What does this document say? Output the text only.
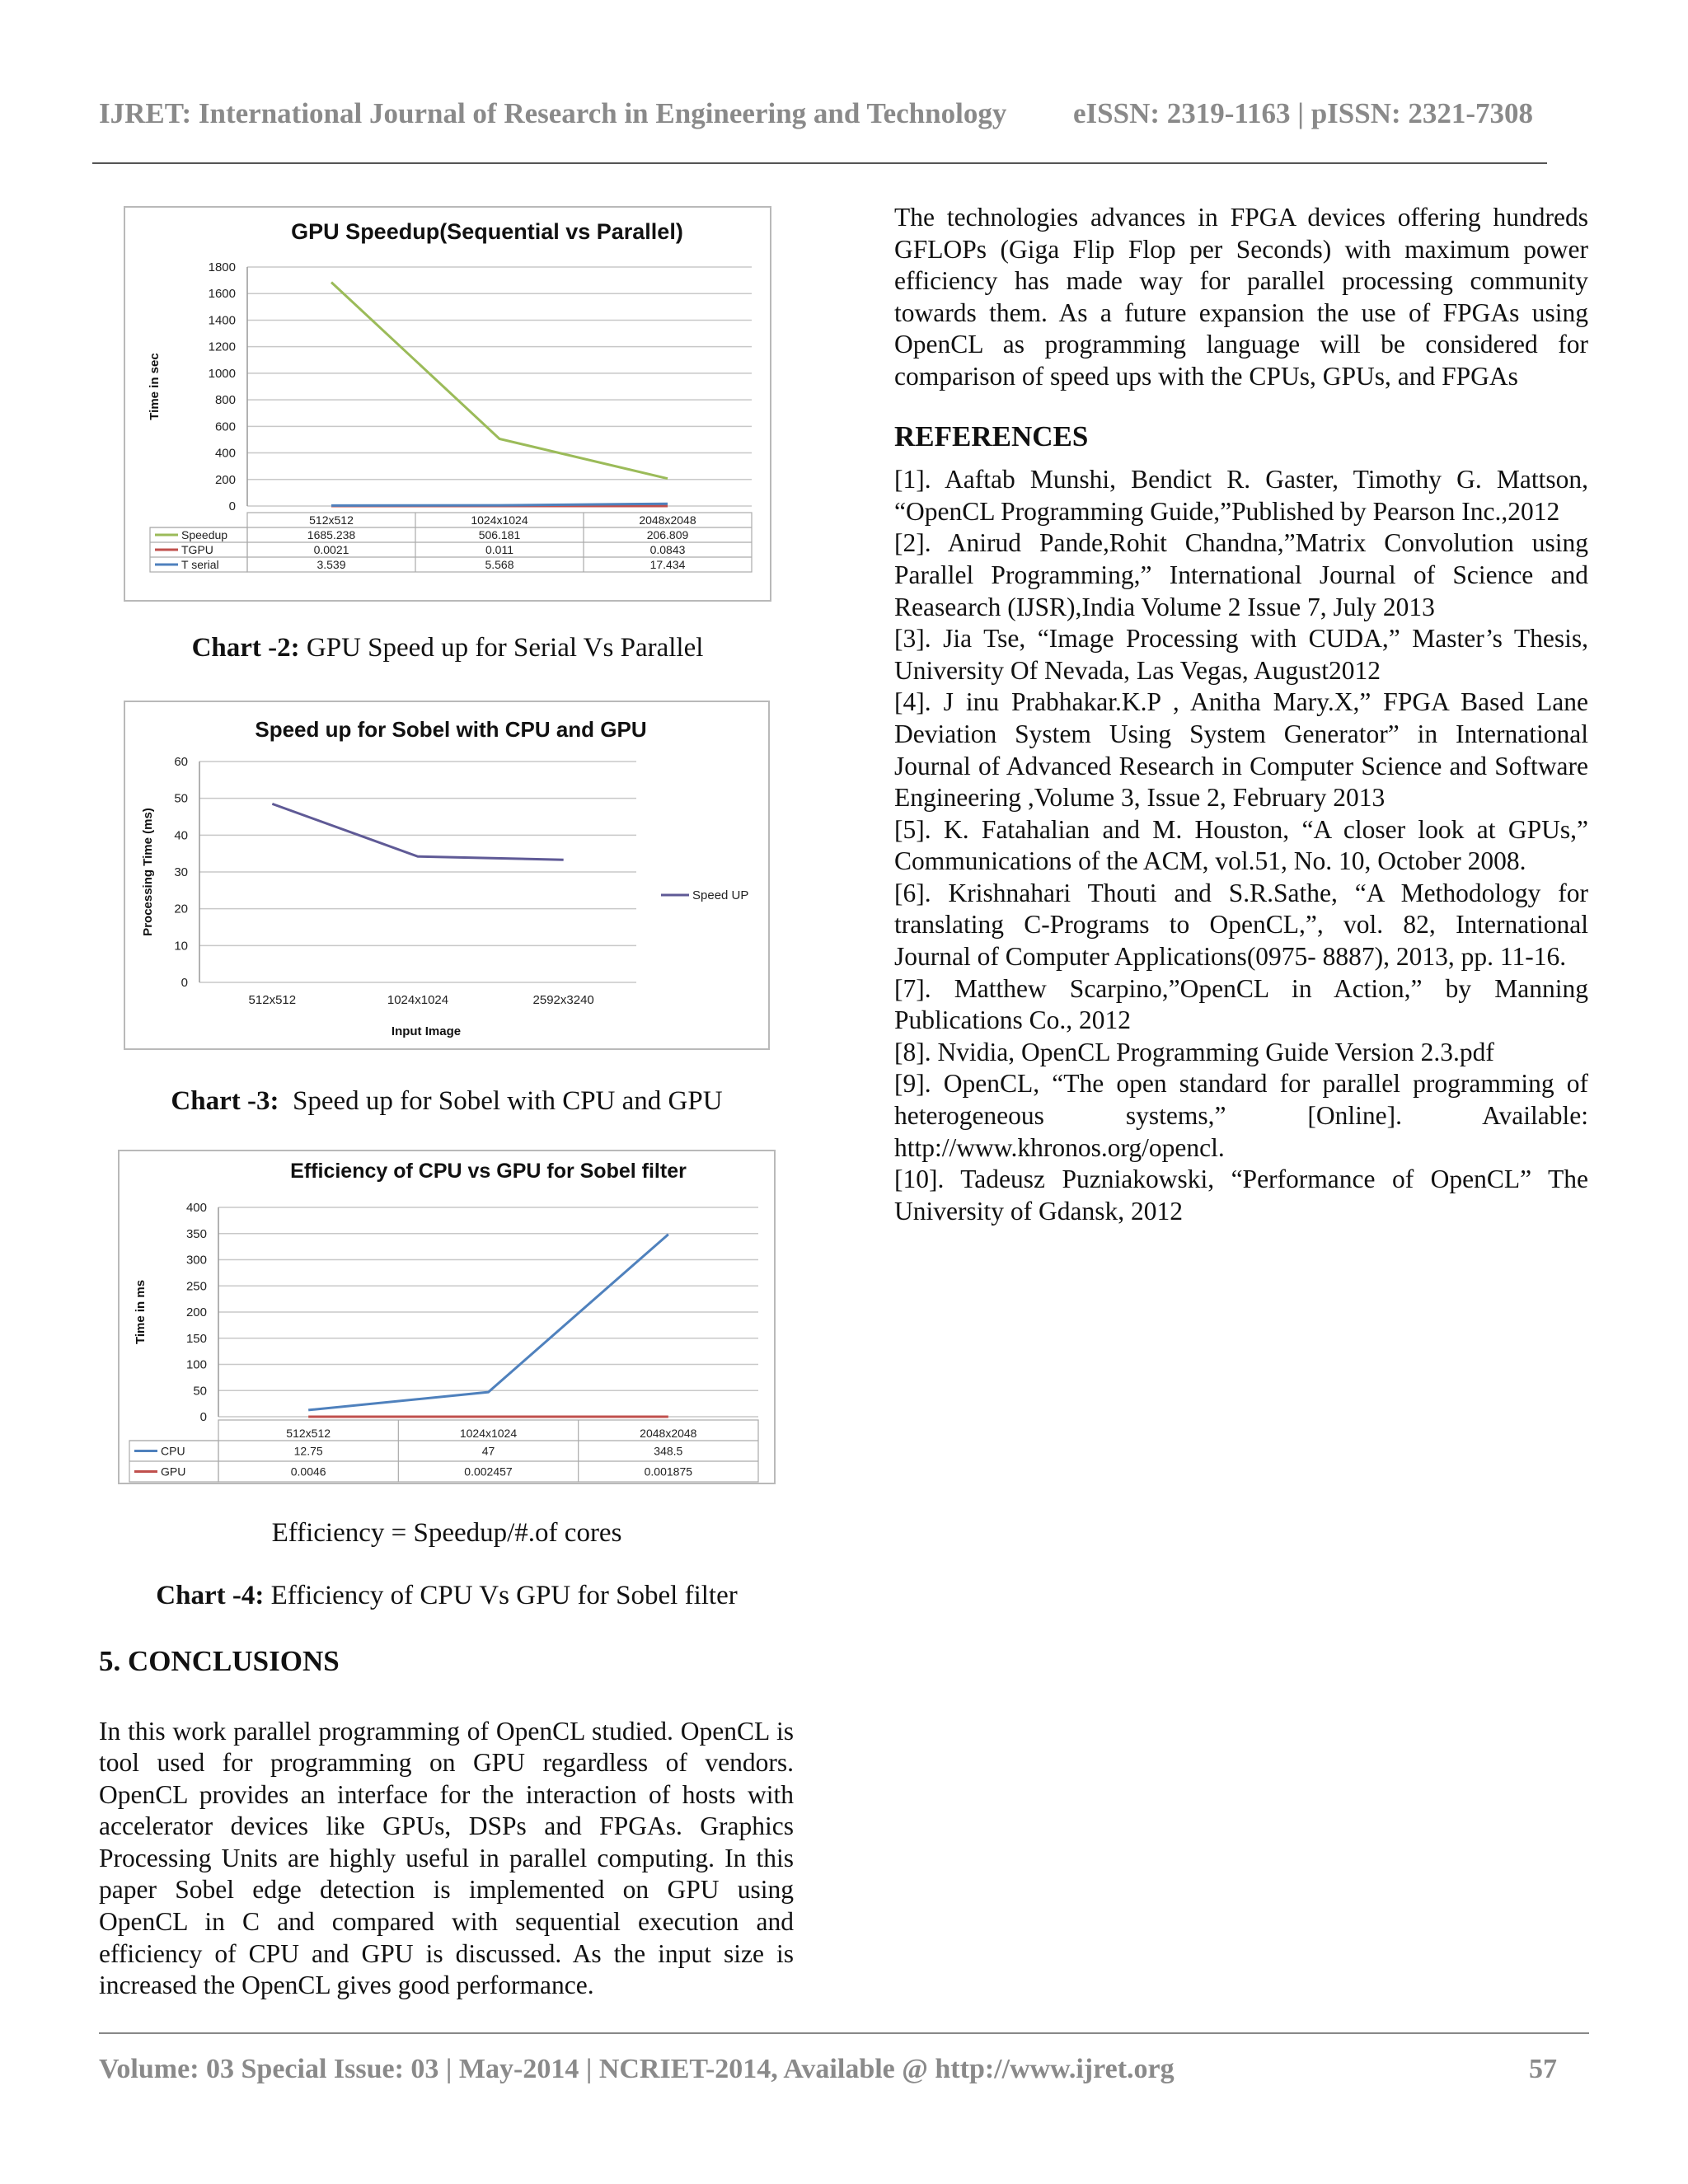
IJRET: International Journal of Research in Engineering and Technology eISSN: 2319-1163 | pISSN: 2321-7308
GPU Speedup(Sequential vs Parallel)
0
200
400
600
800
1000
1200
1400
1600
1800
Time in sec
512x512	1024x1024	2048x2048
Speedup	1685.238	506.181	206.809
TGPU	0.0021	0.011	0.0843
T serial	3.539	5.568	17.434
Chart -2: GPU Speed up for Serial Vs Parallel
Speed up for Sobel with CPU and GPU
0
10
20
30
40
50
60
Processing Time (ms)
512x512	1024x1024	2592x3240
Input Image
Speed UP
Chart -3:  Speed up for Sobel with CPU and GPU
Efficiency of CPU vs GPU for Sobel filter
0
50
100
150
200
250
300
350
400
Time in ms
512x512	1024x1024	2048x2048
CPU	12.75	47	348.5
GPU	0.0046	0.002457	0.001875
Efficiency = Speedup/#.of cores
Chart -4: Efficiency of CPU Vs GPU for Sobel filter
5. CONCLUSIONS

In this work parallel programming of OpenCL studied. OpenCL is tool used for programming on GPU regardless of vendors. OpenCL provides an interface for the interaction of hosts with accelerator devices like GPUs, DSPs and FPGAs. Graphics Processing Units are highly useful in parallel computing. In this paper Sobel edge detection is implemented on GPU using OpenCL in C and compared with sequential execution and efficiency of CPU and GPU is discussed. As the input size is increased the OpenCL gives good performance.

The technologies advances in FPGA devices offering hundreds GFLOPs (Giga Flip Flop per Seconds) with maximum power efficiency has made way for parallel processing community towards them. As a future expansion the use of FPGAs using OpenCL as programming language will be considered for comparison of speed ups with the CPUs, GPUs, and FPGAs

REFERENCES

[1]. Aaftab Munshi, Bendict R. Gaster, Timothy G. Mattson, “OpenCL Programming Guide,”Published by Pearson Inc.,2012

[2]. Anirud Pande,Rohit Chandna,”Matrix Convolution using Parallel Programming,” International Journal of Science and Reasearch (IJSR),India Volume 2 Issue 7, July 2013

[3]. Jia Tse, “Image Processing with CUDA,” Master’s Thesis, University Of Nevada, Las Vegas, August2012

[4]. J inu Prabhakar.K.P , Anitha Mary.X,” FPGA Based Lane Deviation System Using System Generator” in International Journal of Advanced Research in Computer Science and Software Engineering ,Volume 3, Issue 2, February 2013

[5]. K. Fatahalian and M. Houston, “A closer look at GPUs,” Communications of the ACM, vol.51, No. 10, October 2008.

[6]. Krishnahari Thouti and S.R.Sathe, “A Methodology for translating C-Programs to OpenCL,”, vol. 82, International Journal of Computer Applications(0975- 8887), 2013, pp. 11-16.

[7]. Matthew Scarpino,”OpenCL in Action,” by Manning Publications Co., 2012

[8]. Nvidia, OpenCL Programming Guide Version 2.3.pdf

[9]. OpenCL, “The open standard for parallel programming of heterogeneous systems,” [Online]. Available: http://www.khronos.org/opencl.

[10]. Tadeusz Puzniakowski, “Performance of OpenCL” The University of Gdansk, 2012

Volume: 03 Special Issue: 03 | May-2014 | NCRIET-2014, Available @ http://www.ijret.org	57
